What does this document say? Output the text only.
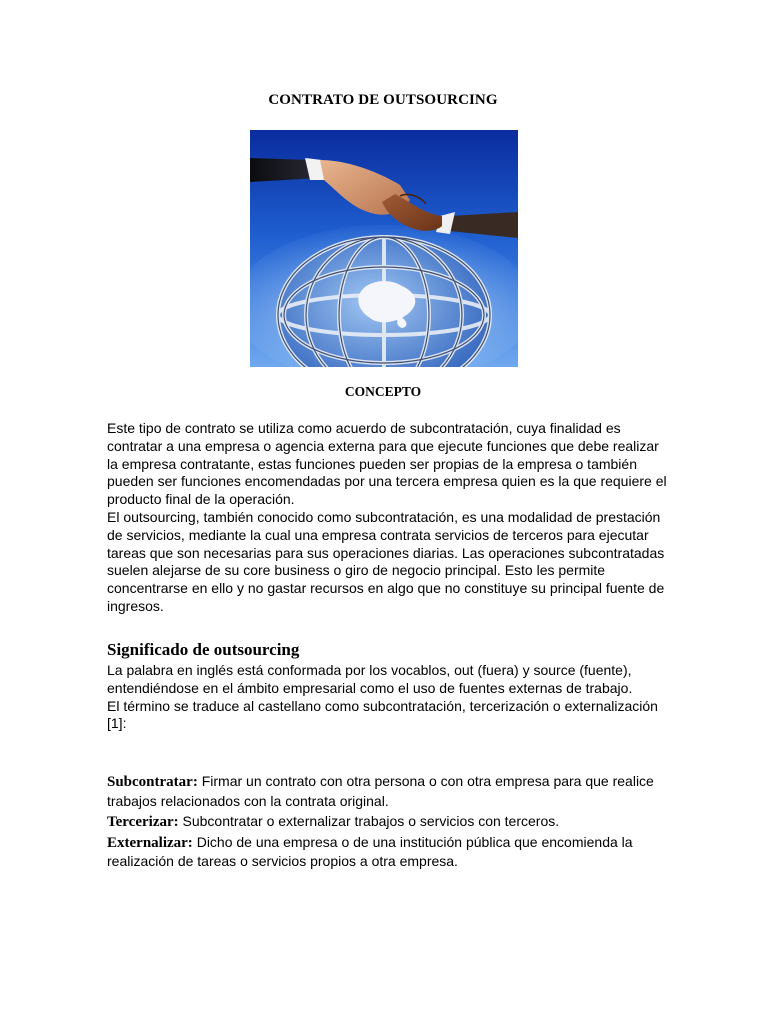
CONTRATO DE OUTSOURCING
CONCEPTO

Este tipo de contrato se utiliza como acuerdo de subcontratación, cuya finalidad es contratar a una empresa o agencia externa para que ejecute funciones que debe realizar la empresa contratante, estas funciones pueden ser propias de la empresa o también pueden ser funciones encomendadas por una tercera empresa quien es la que requiere el producto final de la operación.

El outsourcing, también conocido como subcontratación, es una modalidad de prestación de servicios, mediante la cual una empresa contrata servicios de terceros para ejecutar tareas que son necesarias para sus operaciones diarias. Las operaciones subcontratadas suelen alejarse de su core business o giro de negocio principal. Esto les permite concentrarse en ello y no gastar recursos en algo que no constituye su principal fuente de ingresos.

Significado de outsourcing

La palabra en inglés está conformada por los vocablos, out (fuera) y source (fuente), entendiéndose en el ámbito empresarial como el uso de fuentes externas de trabajo.

El término se traduce al castellano como subcontratación, tercerización o externalización [1]:

Subcontratar: Firmar un contrato con otra persona o con otra empresa para que realice trabajos relacionados con la contrata original.

Tercerizar: Subcontratar o externalizar trabajos o servicios con terceros.

Externalizar: Dicho de una empresa o de una institución pública que encomienda la realización de tareas o servicios propios a otra empresa.
